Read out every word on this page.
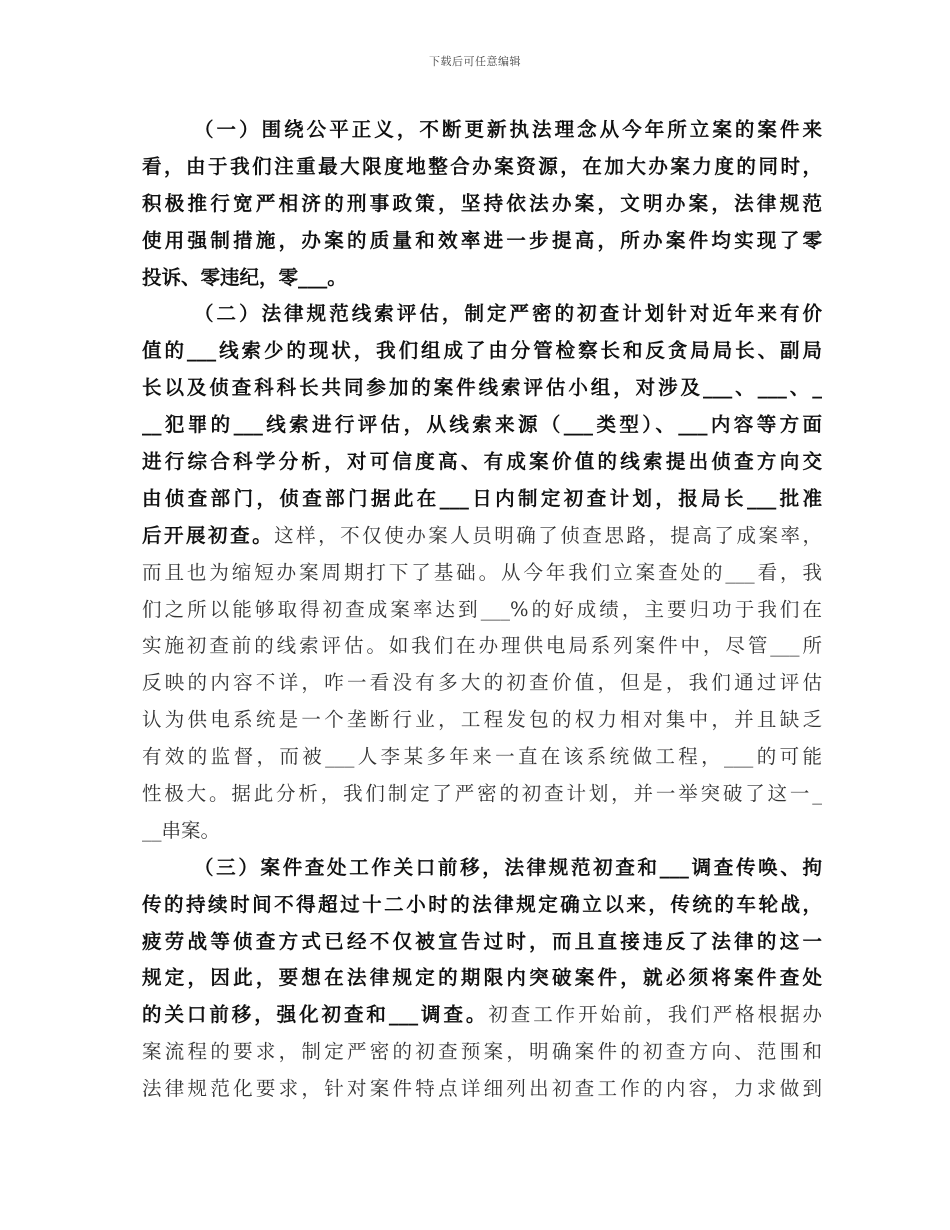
下载后可任意编辑
（一）围绕公平正义，不断更新执法理念从今年所立案的案件来
看，由于我们注重最大限度地整合办案资源，在加大办案力度的同时，
积极推行宽严相济的刑事政策，坚持依法办案，文明办案，法律规范
使用强制措施，办案的质量和效率进一步提高，所办案件均实现了零
投诉、零违纪，零___。
（二）法律规范线索评估，制定严密的初查计划针对近年来有价
值的___线索少的现状，我们组成了由分管检察长和反贪局局长、副局
长以及侦查科科长共同参加的案件线索评估小组，对涉及___、___、_
__犯罪的___线索进行评估，从线索来源（___类型）、___内容等方面
进行综合科学分析，对可信度高、有成案价值的线索提出侦查方向交
由侦查部门，侦查部门据此在___日内制定初查计划，报局长___批准
后开展初查。这样，不仅使办案人员明确了侦查思路，提高了成案率，
而且也为缩短办案周期打下了基础。从今年我们立案查处的___看，我
们之所以能够取得初查成案率达到___%的好成绩，主要归功于我们在
实施初查前的线索评估。如我们在办理供电局系列案件中，尽管___所
反映的内容不详，咋一看没有多大的初查价值，但是，我们通过评估
认为供电系统是一个垄断行业，工程发包的权力相对集中，并且缺乏
有效的监督，而被___人李某多年来一直在该系统做工程，___的可能
性极大。据此分析，我们制定了严密的初查计划，并一举突破了这一_
__串案。
（三）案件查处工作关口前移，法律规范初查和___调查传唤、拘
传的持续时间不得超过十二小时的法律规定确立以来，传统的车轮战，
疲劳战等侦查方式已经不仅被宣告过时，而且直接违反了法律的这一
规定，因此，要想在法律规定的期限内突破案件，就必须将案件查处
的关口前移，强化初查和___调查。初查工作开始前，我们严格根据办
案流程的要求，制定严密的初查预案，明确案件的初查方向、范围和
法律规范化要求，针对案件特点详细列出初查工作的内容，力求做到
